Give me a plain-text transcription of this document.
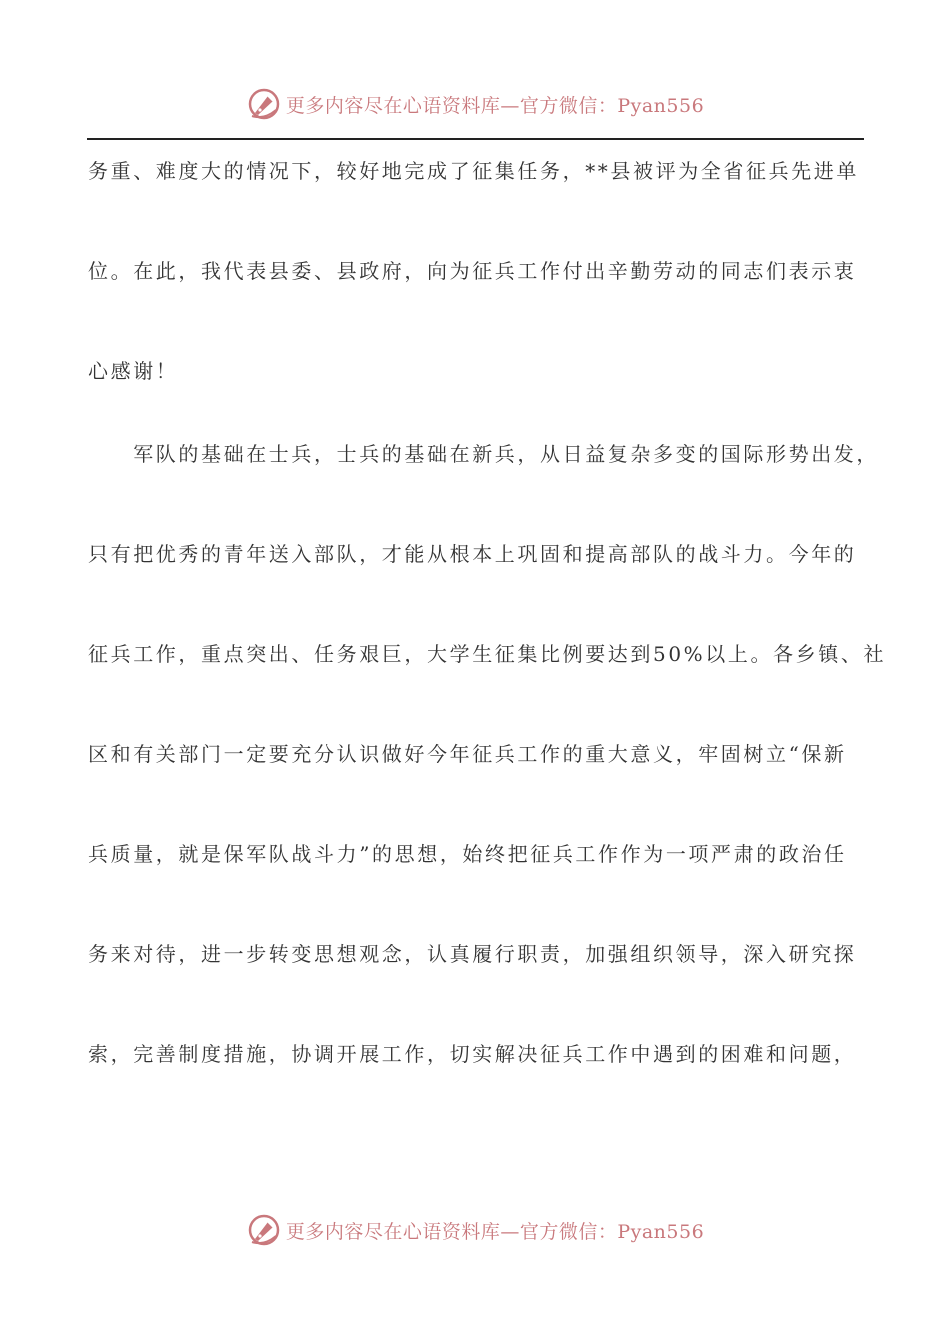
更多内容尽在心语资料库—官方微信：Pyan556
务重、难度大的情况下，较好地完成了征集任务，**县被评为全省征兵先进单
位。在此，我代表县委、县政府，向为征兵工作付出辛勤劳动的同志们表示衷
心感谢！
　　军队的基础在士兵，士兵的基础在新兵，从日益复杂多变的国际形势出发，
只有把优秀的青年送入部队，才能从根本上巩固和提高部队的战斗力。今年的
征兵工作，重点突出、任务艰巨，大学生征集比例要达到50%以上。各乡镇、社
区和有关部门一定要充分认识做好今年征兵工作的重大意义，牢固树立“保新
兵质量，就是保军队战斗力”的思想，始终把征兵工作作为一项严肃的政治任
务来对待，进一步转变思想观念，认真履行职责，加强组织领导，深入研究探
索，完善制度措施，协调开展工作，切实解决征兵工作中遇到的困难和问题，
更多内容尽在心语资料库—官方微信：Pyan556
